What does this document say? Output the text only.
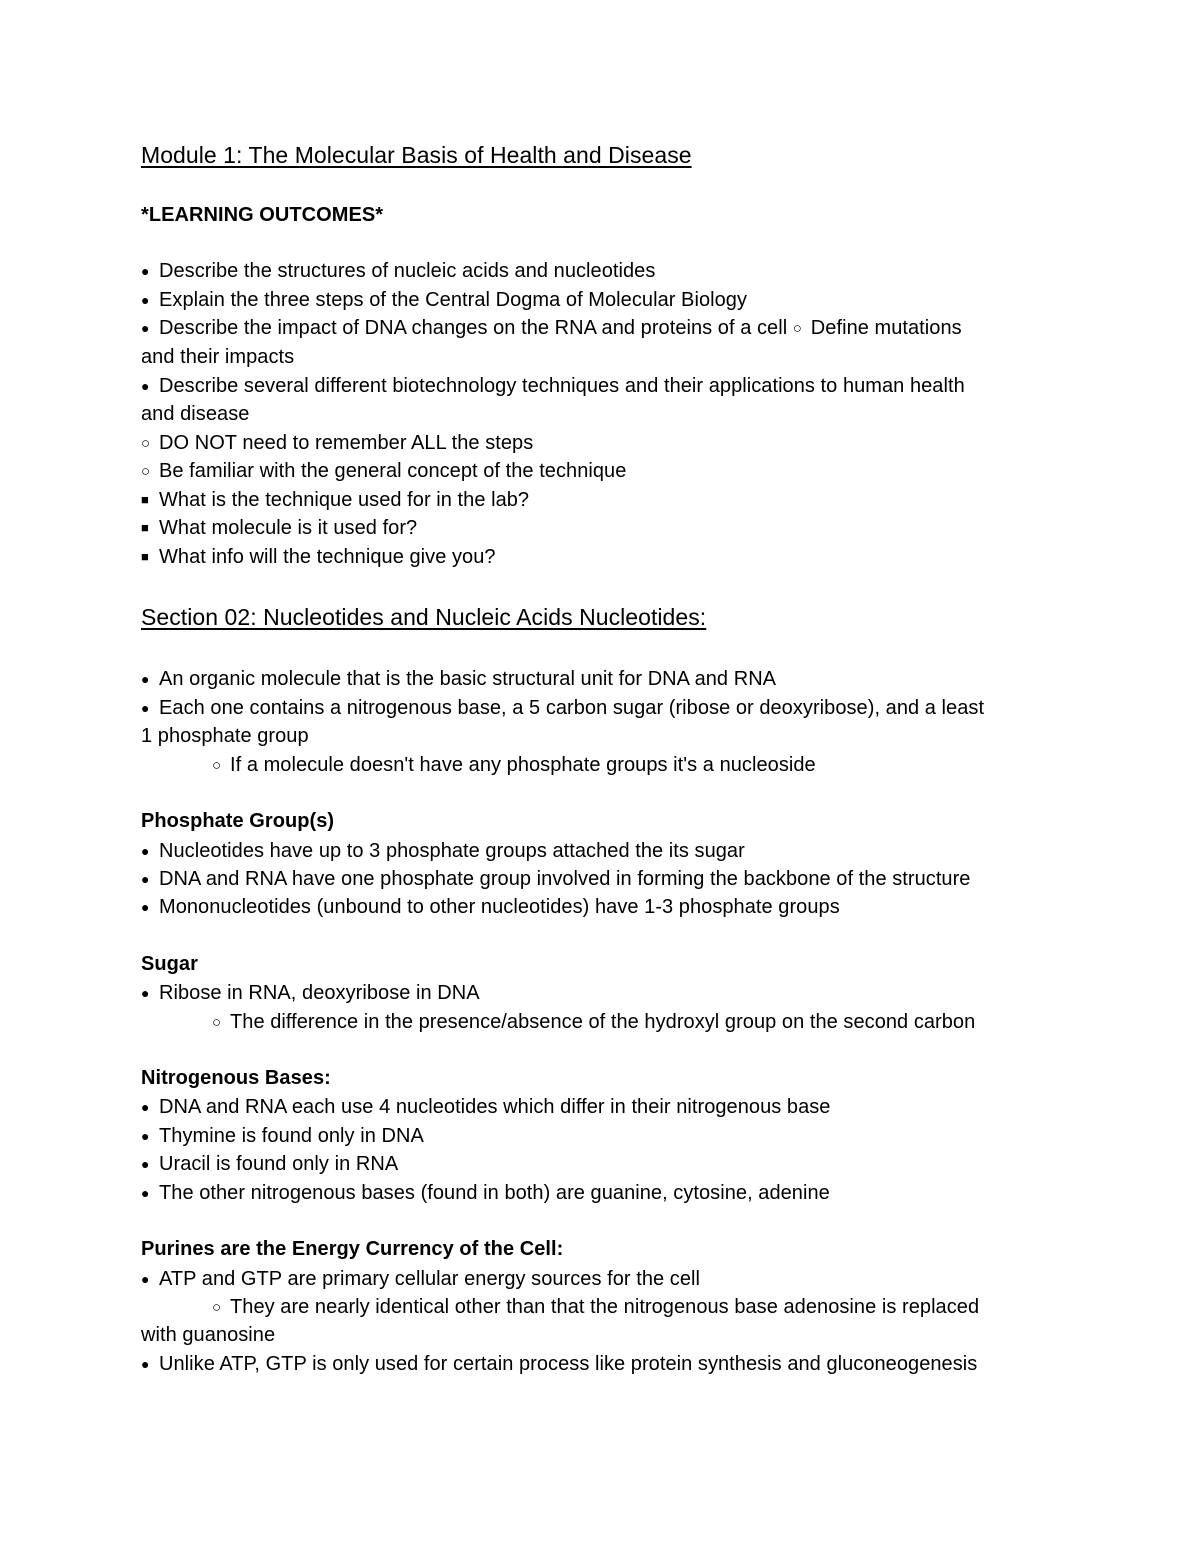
Module 1: The Molecular Basis of Health and Disease
*LEARNING OUTCOMES*
● Describe the structures of nucleic acids and nucleotides
● Explain the three steps of the Central Dogma of Molecular Biology
● Describe the impact of DNA changes on the RNA and proteins of a cell ○ Define mutations
and their impacts
● Describe several different biotechnology techniques and their applications to human health
and disease
○ DO NOT need to remember ALL the steps
○ Be familiar with the general concept of the technique
■ What is the technique used for in the lab?
■ What molecule is it used for?
■ What info will the technique give you?
Section 02: Nucleotides and Nucleic Acids Nucleotides:
● An organic molecule that is the basic structural unit for DNA and RNA
● Each one contains a nitrogenous base, a 5 carbon sugar (ribose or deoxyribose), and a least
1 phosphate group
○ If a molecule doesn't have any phosphate groups it's a nucleoside
Phosphate Group(s)
● Nucleotides have up to 3 phosphate groups attached the its sugar
● DNA and RNA have one phosphate group involved in forming the backbone of the structure
● Mononucleotides (unbound to other nucleotides) have 1-3 phosphate groups
Sugar
● Ribose in RNA, deoxyribose in DNA
○ The difference in the presence/absence of the hydroxyl group on the second carbon
Nitrogenous Bases:
● DNA and RNA each use 4 nucleotides which differ in their nitrogenous base
● Thymine is found only in DNA
● Uracil is found only in RNA
● The other nitrogenous bases (found in both) are guanine, cytosine, adenine
Purines are the Energy Currency of the Cell:
● ATP and GTP are primary cellular energy sources for the cell
○ They are nearly identical other than that the nitrogenous base adenosine is replaced
with guanosine
● Unlike ATP, GTP is only used for certain process like protein synthesis and gluconeogenesis
